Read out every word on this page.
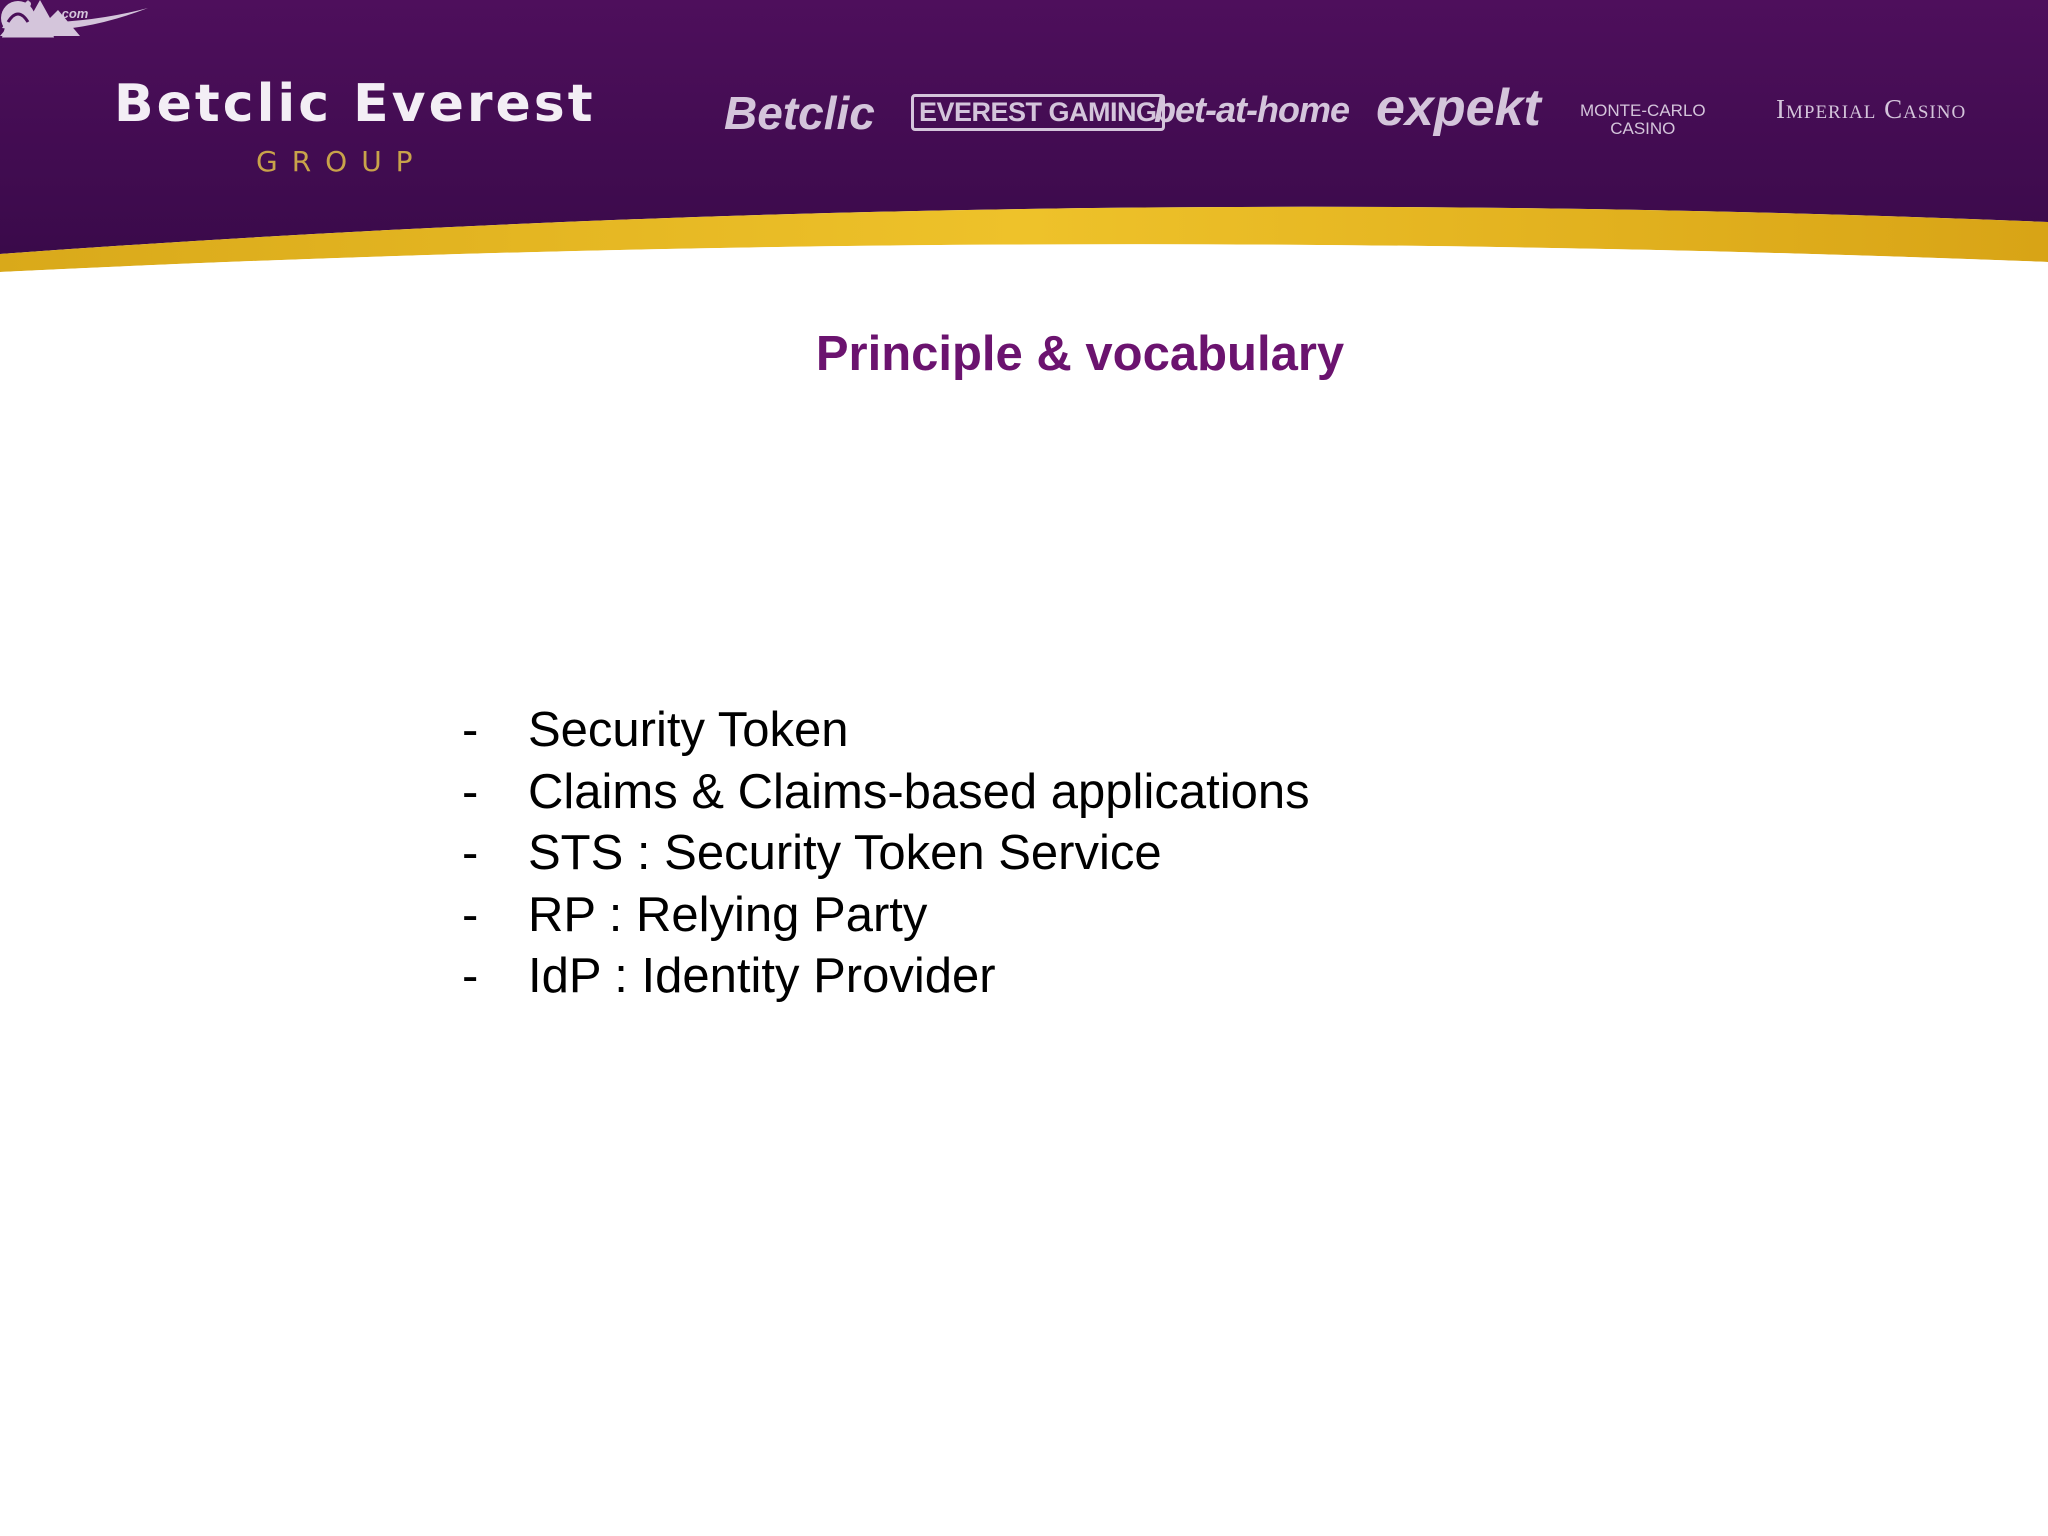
Betclic Everest
GROUP
Betclic EVEREST GAMING
bet-at-home
.com
expekt MONTE-CARLO
CASINO
Imperial Casino
Principle & vocabulary
-	Security Token
-	Claims & Claims-based applications
-	STS : Security Token Service
-	RP : Relying Party
-	IdP : Identity Provider
